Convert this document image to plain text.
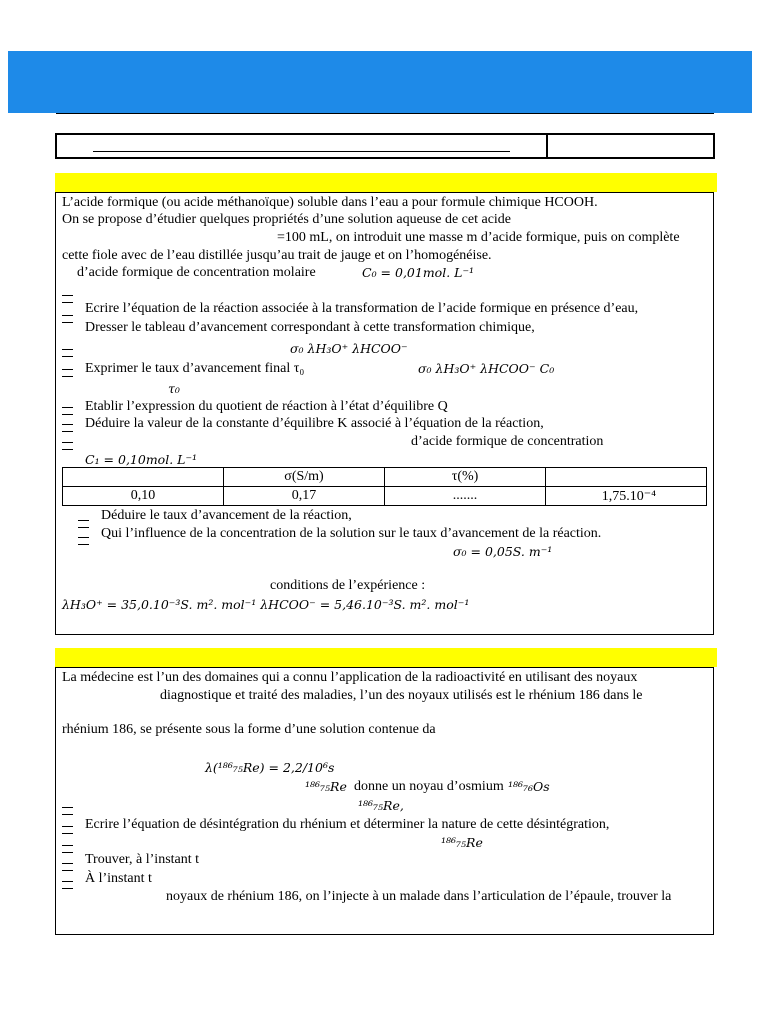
L’acide formique (ou acide méthanoïque) soluble dans l’eau a pour formule chimique HCOOH.
On se propose d’étudier quelques propriétés d’une solution aqueuse de cet acide
=100 mL, on introduit une masse m d’acide formique, puis on complète
cette fiole avec de l’eau distillée jusqu’au trait de jauge et on l’homogénéise.
d’acide formique de concentration molaire	C₀ = 0,01mol. L⁻¹
Ecrire l’équation de la réaction associée à la transformation de l’acide formique en présence d’eau,
Dresser le tableau d’avancement correspondant à cette transformation chimique,
σ₀ λH₃O⁺ λHCOO⁻
Exprimer le taux d’avancement final τ₀	σ₀ λH₃O⁺ λHCOO⁻ C₀
τ₀
Etablir l’expression du quotient de réaction à l’état d’équilibre Q
Déduire la valeur de la constante d’équilibre K associé à l’équation de la réaction,
d’acide formique de concentration
C₁ = 0,10mol. L⁻¹
	σ(S/m)	τ(%)	
0,10	0,17	.......	1,75.10⁻⁴
Déduire le taux d’avancement de la réaction,
Qui l’influence de la concentration de la solution sur le taux d’avancement de la réaction.
σ₀ = 0,05S. m⁻¹
conditions de l’expérience :
λH₃O⁺ = 35,0.10⁻³S. m². mol⁻¹ λHCOO⁻ = 5,46.10⁻³S. m². mol⁻¹
La médecine est l’un des domaines qui a connu l’application de la radioactivité en utilisant des noyaux
diagnostique et traité des maladies, l’un des noyaux utilisés est le rhénium 186 dans le
rhénium 186, se présente sous la forme d’une solution contenue da
λ(¹⁸⁶₇₅Re) = 2,2/10⁶s
¹⁸⁶₇₅Re donne un noyau d’osmium ¹⁸⁶₇₆Os
¹⁸⁶₇₅Re,
Ecrire l’équation de désintégration du rhénium et déterminer la nature de cette désintégration,
¹⁸⁶₇₅Re
Trouver, à l’instant t
À l’instant t
noyaux de rhénium 186, on l’injecte à un malade dans l’articulation de l’épaule, trouver la
